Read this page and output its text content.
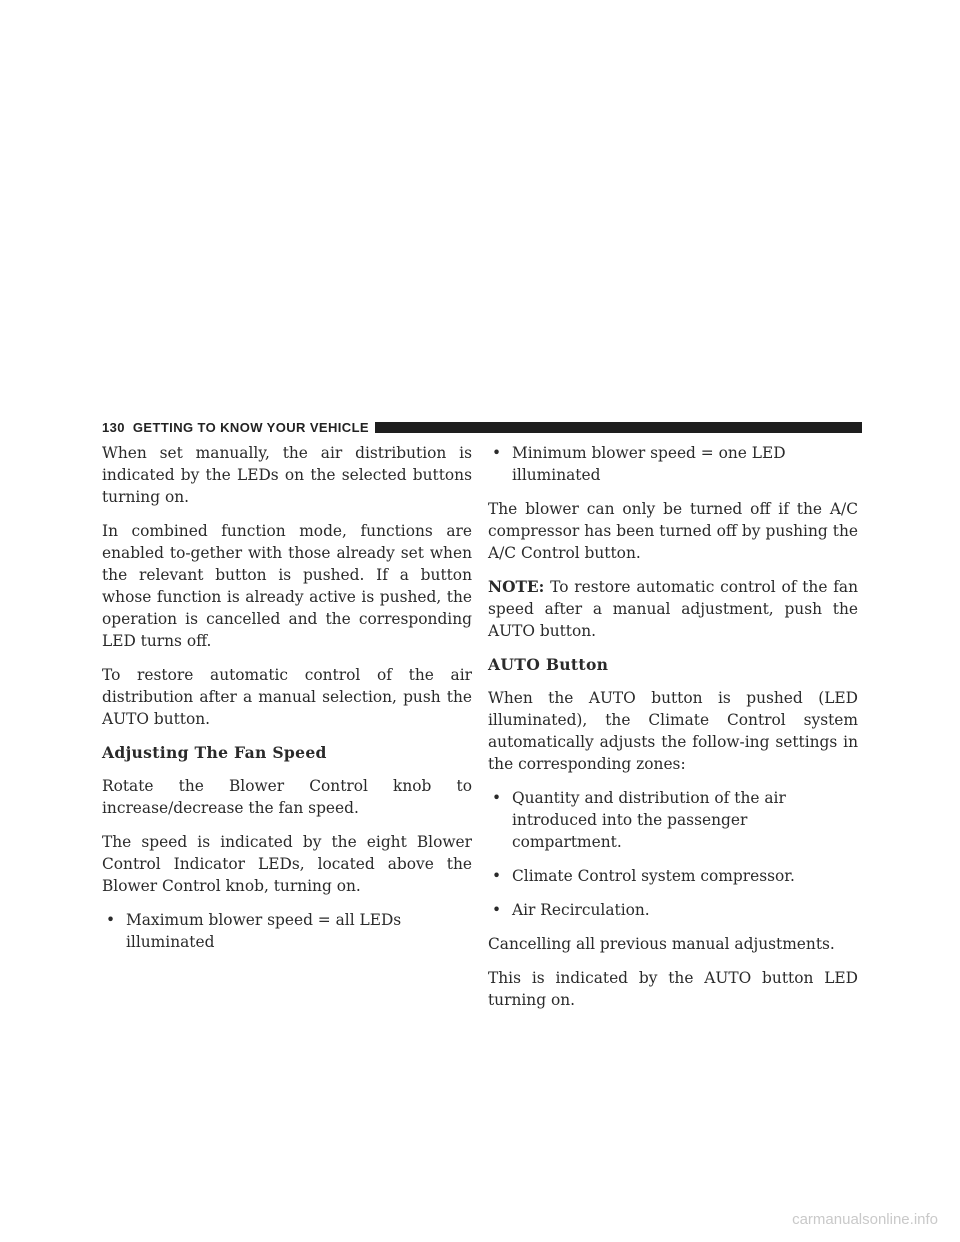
130 GETTING TO KNOW YOUR VEHICLE

When set manually, the air distribution is indicated by the LEDs on the selected buttons turning on.

In combined function mode, functions are enabled to-gether with those already set when the relevant button is pushed. If a button whose function is already active is pushed, the operation is cancelled and the corresponding LED turns off.

To restore automatic control of the air distribution after a manual selection, push the AUTO button.

Adjusting The Fan Speed

Rotate the Blower Control knob to increase/decrease the fan speed.

The speed is indicated by the eight Blower Control Indicator LEDs, located above the Blower Control knob, turning on.

• Maximum blower speed = all LEDs illuminated
• Minimum blower speed = one LED illuminated

The blower can only be turned off if the A/C compressor has been turned off by pushing the A/C Control button.

NOTE: To restore automatic control of the fan speed after a manual adjustment, push the AUTO button.

AUTO Button

When the AUTO button is pushed (LED illuminated), the Climate Control system automatically adjusts the follow-ing settings in the corresponding zones:

• Quantity and distribution of the air introduced into the passenger compartment.
• Climate Control system compressor.
• Air Recirculation.

Cancelling all previous manual adjustments.

This is indicated by the AUTO button LED turning on.

carmanualsonline.info
